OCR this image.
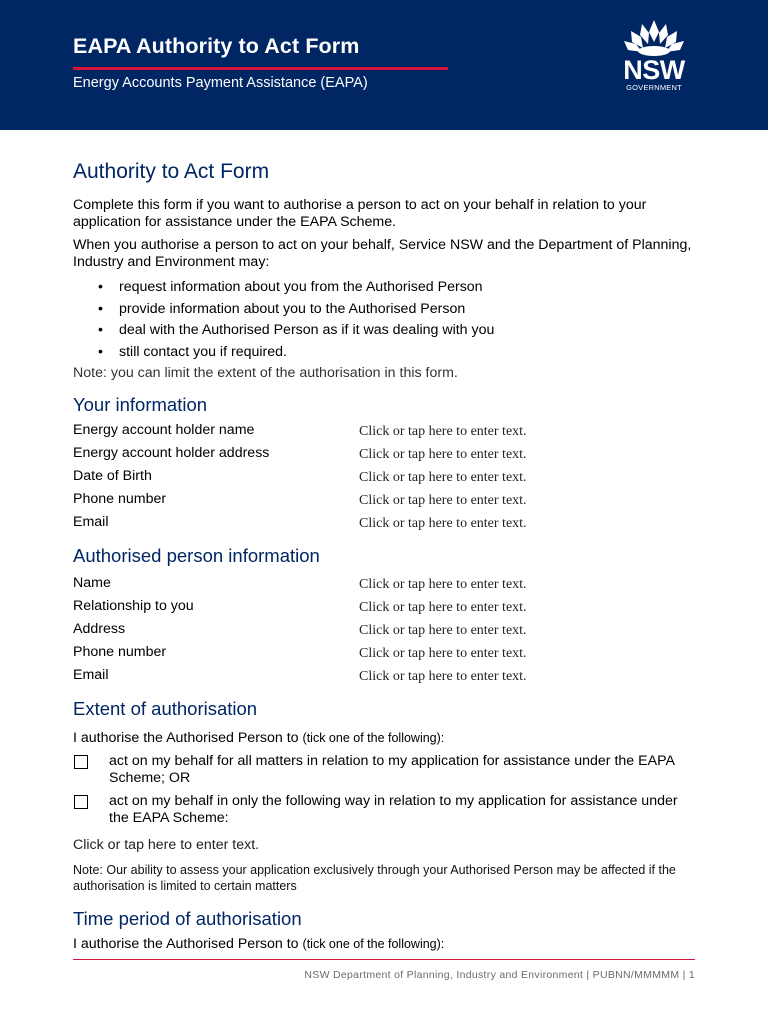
EAPA Authority to Act Form
Energy Accounts Payment Assistance (EAPA)	NSW
GOVERNMENT
Authority to Act Form

Complete this form if you want to authorise a person to act on your behalf in relation to your application for assistance under the EAPA Scheme.

When you authorise a person to act on your behalf, Service NSW and the Department of Planning, Industry and Environment may:

• request information about you from the Authorised Person
• provide information about you to the Authorised Person
• deal with the Authorised Person as if it was dealing with you
• still contact you if required.

Note: you can limit the extent of the authorisation in this form.

Your information
Energy account holder name	Click or tap here to enter text.
Energy account holder address	Click or tap here to enter text.
Date of Birth	Click or tap here to enter text.
Phone number	Click or tap here to enter text.
Email	Click or tap here to enter text.
Authorised person information
Name	Click or tap here to enter text.
Relationship to you	Click or tap here to enter text.
Address	Click or tap here to enter text.
Phone number	Click or tap here to enter text.
Email	Click or tap here to enter text.
Extent of authorisation
I authorise the Authorised Person to (tick one of the following):
act on my behalf for all matters in relation to my application for assistance under the EAPA Scheme; OR
act on my behalf in only the following way in relation to my application for assistance under the EAPA Scheme:
Click or tap here to enter text.

Note: Our ability to assess your application exclusively through your Authorised Person may be affected if the authorisation is limited to certain matters

Time period of authorisation
I authorise the Authorised Person to (tick one of the following):
NSW Department of Planning, Industry and Environment | PUBNN/MMMMM | 1
